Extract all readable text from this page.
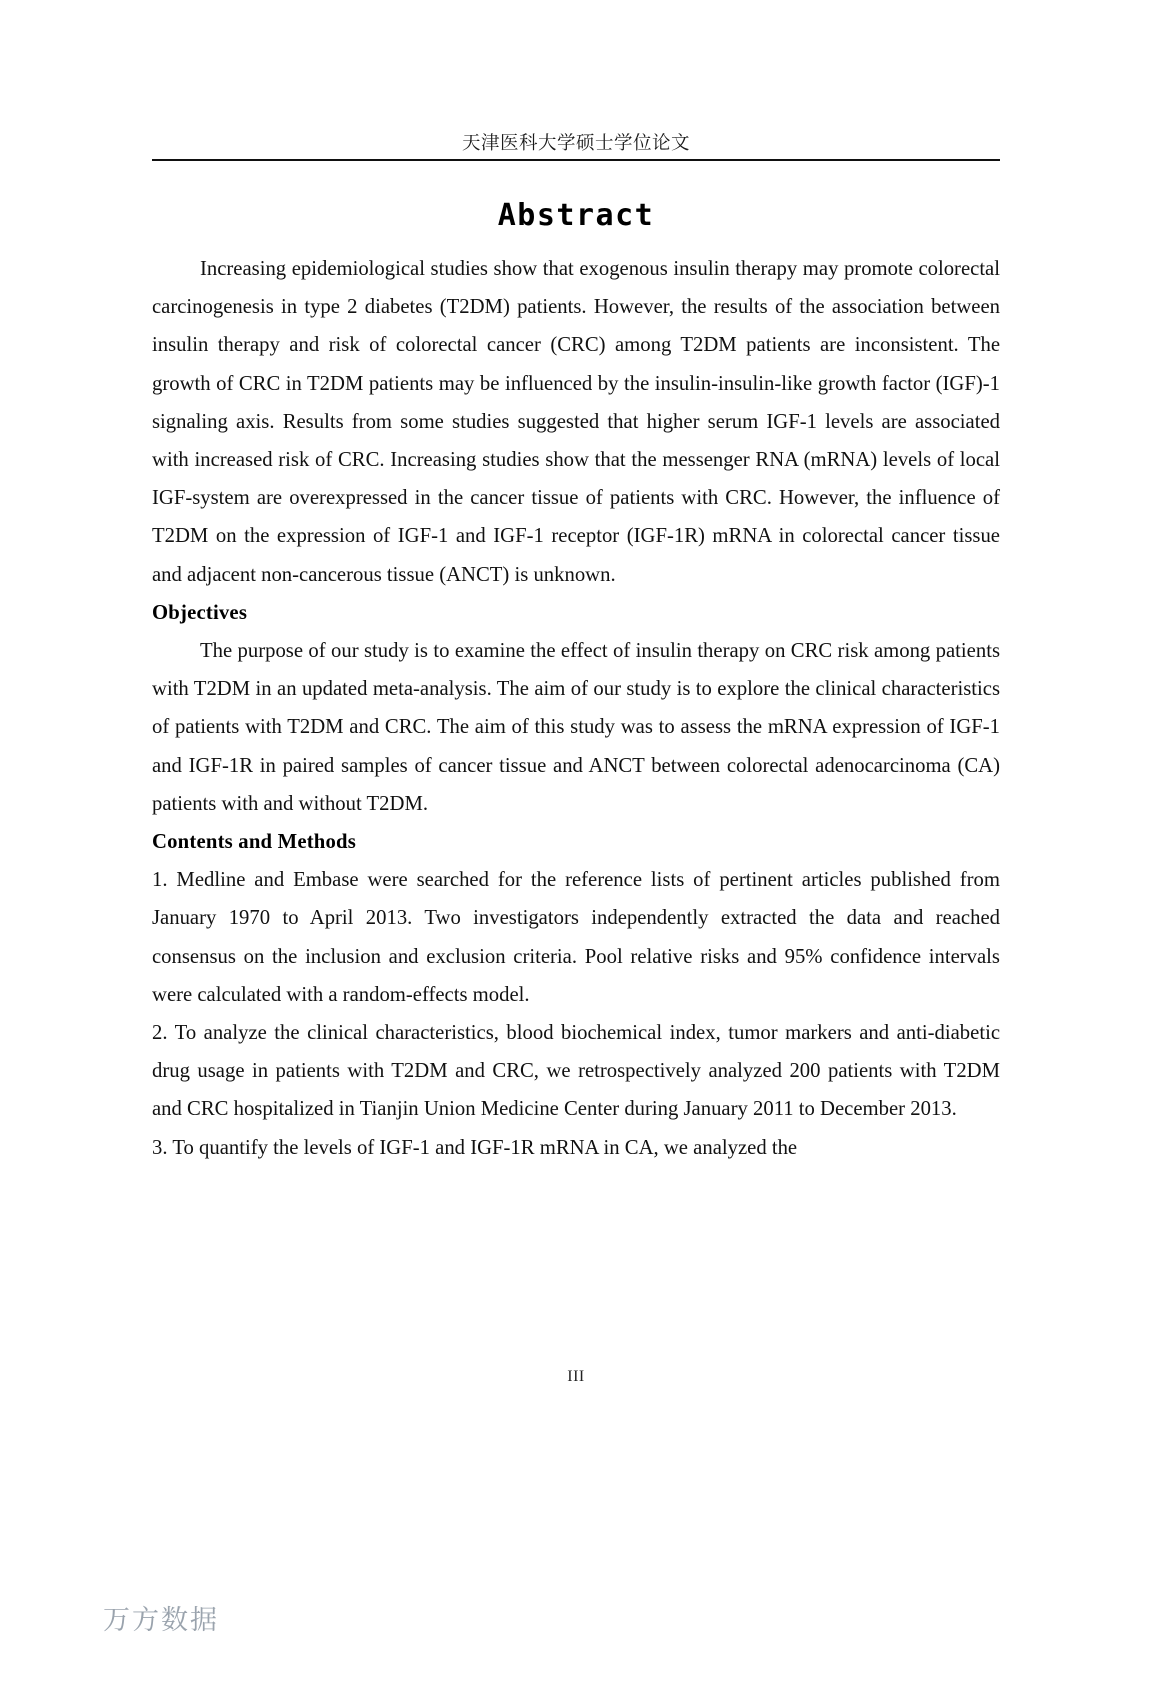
天津医科大学硕士学位论文
Abstract

Increasing epidemiological studies show that exogenous insulin therapy may promote colorectal carcinogenesis in type 2 diabetes (T2DM) patients. However, the results of the association between insulin therapy and risk of colorectal cancer (CRC) among T2DM patients are inconsistent. The growth of CRC in T2DM patients may be influenced by the insulin-insulin-like growth factor (IGF)-1 signaling axis. Results from some studies suggested that higher serum IGF-1 levels are associated with increased risk of CRC. Increasing studies show that the messenger RNA (mRNA) levels of local IGF-system are overexpressed in the cancer tissue of patients with CRC. However, the influence of T2DM on the expression of IGF-1 and IGF-1 receptor (IGF-1R) mRNA in colorectal cancer tissue and adjacent non-cancerous tissue (ANCT) is unknown.

Objectives

The purpose of our study is to examine the effect of insulin therapy on CRC risk among patients with T2DM in an updated meta-analysis. The aim of our study is to explore the clinical characteristics of patients with T2DM and CRC. The aim of this study was to assess the mRNA expression of IGF-1 and IGF-1R in paired samples of cancer tissue and ANCT between colorectal adenocarcinoma (CA) patients with and without T2DM.

Contents and Methods

1. Medline and Embase were searched for the reference lists of pertinent articles published from January 1970 to April 2013. Two investigators independently extracted the data and reached consensus on the inclusion and exclusion criteria. Pool relative risks and 95% confidence intervals were calculated with a random-effects model.

2. To analyze the clinical characteristics, blood biochemical index, tumor markers and anti-diabetic drug usage in patients with T2DM and CRC, we retrospectively analyzed 200 patients with T2DM and CRC hospitalized in Tianjin Union Medicine Center during January 2011 to December 2013.

3. To quantify the levels of IGF-1 and IGF-1R mRNA in CA, we analyzed the

III
万方数据
